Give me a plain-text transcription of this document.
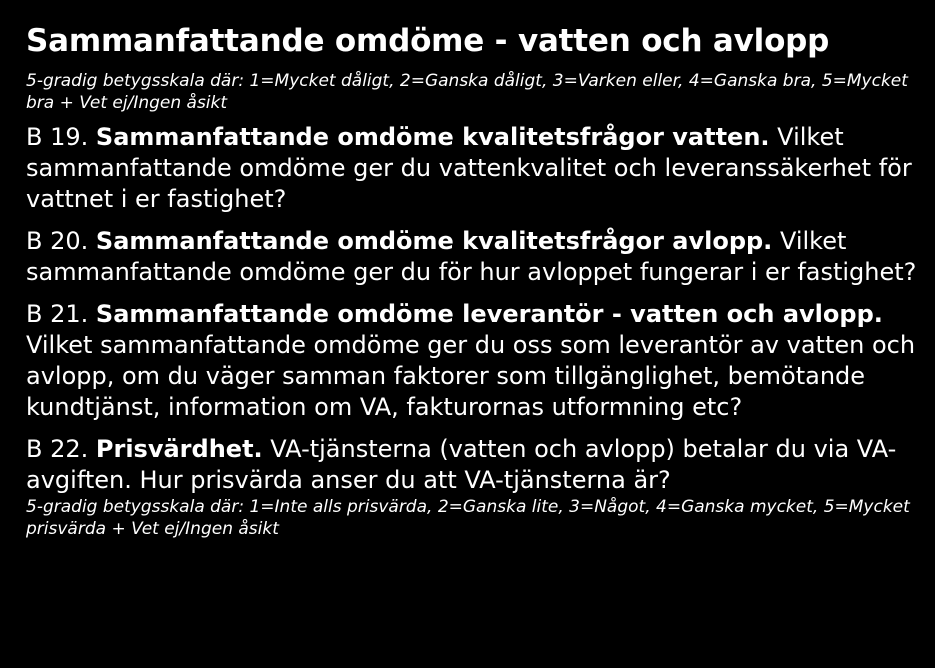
Sammanfattande omdöme - vatten och avlopp
5-gradig betygsskala där: 1=Mycket dåligt, 2=Ganska dåligt, 3=Varken eller, 4=Ganska bra, 5=Mycket bra + Vet ej/Ingen åsikt
B 19. Sammanfattande omdöme kvalitetsfrågor vatten. Vilket sammanfattande omdöme ger du vattenkvalitet och leveranssäkerhet för vattnet i er fastighet?
B 20. Sammanfattande omdöme kvalitetsfrågor avlopp. Vilket sammanfattande omdöme ger du för hur avloppet fungerar i er fastighet?
B 21. Sammanfattande omdöme leverantör - vatten och avlopp. Vilket sammanfattande omdöme ger du oss som leverantör av vatten och avlopp, om du väger samman faktorer som tillgänglighet, bemötande kundtjänst, information om VA, fakturornas utformning etc?
B 22. Prisvärdhet. VA-tjänsterna (vatten och avlopp) betalar du via VA-avgiften. Hur prisvärda anser du att VA-tjänsterna är?
5-gradig betygsskala där: 1=Inte alls prisvärda, 2=Ganska lite, 3=Något, 4=Ganska mycket, 5=Mycket prisvärda + Vet ej/Ingen åsikt
